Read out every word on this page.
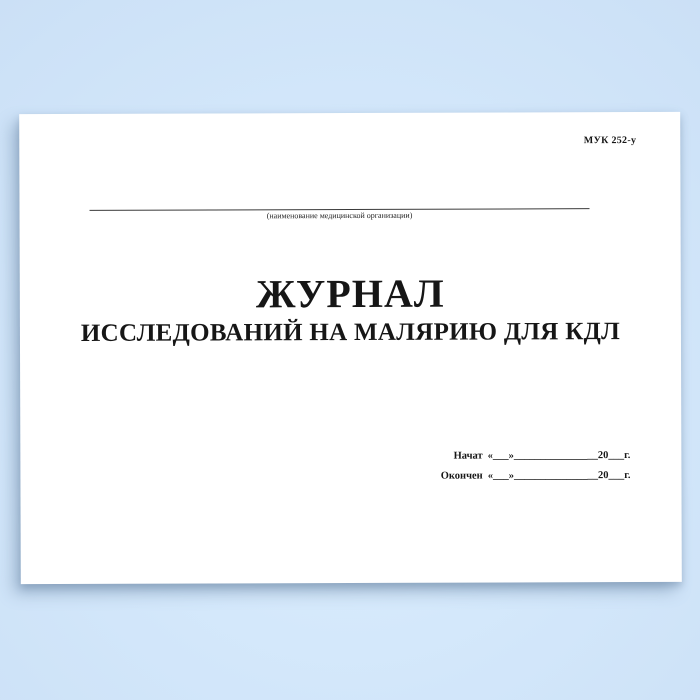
МУК 252-у
(наименование медицинской организации)
ЖУРНАЛ
ИССЛЕДОВАНИЙ НА МАЛЯРИЮ ДЛЯ КДЛ
Начат «___»________________20___г.
Окончен «___»________________20___г.
